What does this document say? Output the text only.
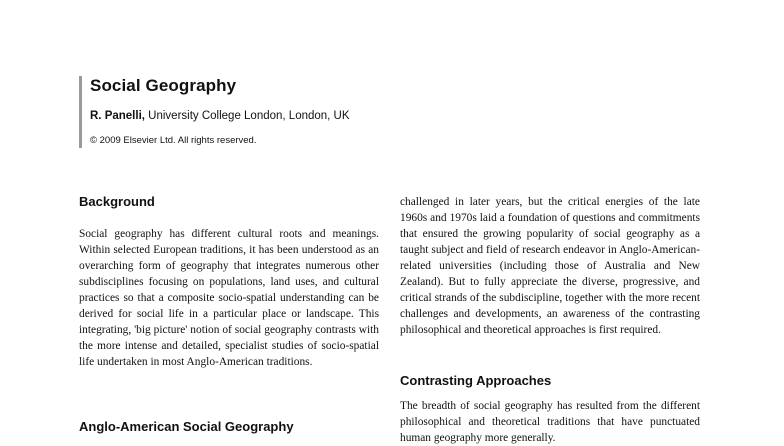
Social Geography
R. Panelli, University College London, London, UK
© 2009 Elsevier Ltd. All rights reserved.
Background
Social geography has different cultural roots and meanings. Within selected European traditions, it has been understood as an overarching form of geography that integrates numerous other subdisciplines focusing on populations, land uses, and cultural practices so that a composite socio-spatial understanding can be derived for social life in a particular place or landscape. This integrating, 'big picture' notion of social geography contrasts with the more intense and detailed, specialist studies of socio-spatial life undertaken in most Anglo-American traditions.
Anglo-American Social Geography
challenged in later years, but the critical energies of the late 1960s and 1970s laid a foundation of questions and commitments that ensured the growing popularity of social geography as a taught subject and field of research endeavor in Anglo-American-related universities (including those of Australia and New Zealand). But to fully appreciate the diverse, progressive, and critical strands of the subdiscipline, together with the more recent challenges and developments, an awareness of the contrasting philosophical and theoretical approaches is first required.
Contrasting Approaches
The breadth of social geography has resulted from the different philosophical and theoretical traditions that have punctuated human geography more generally.
